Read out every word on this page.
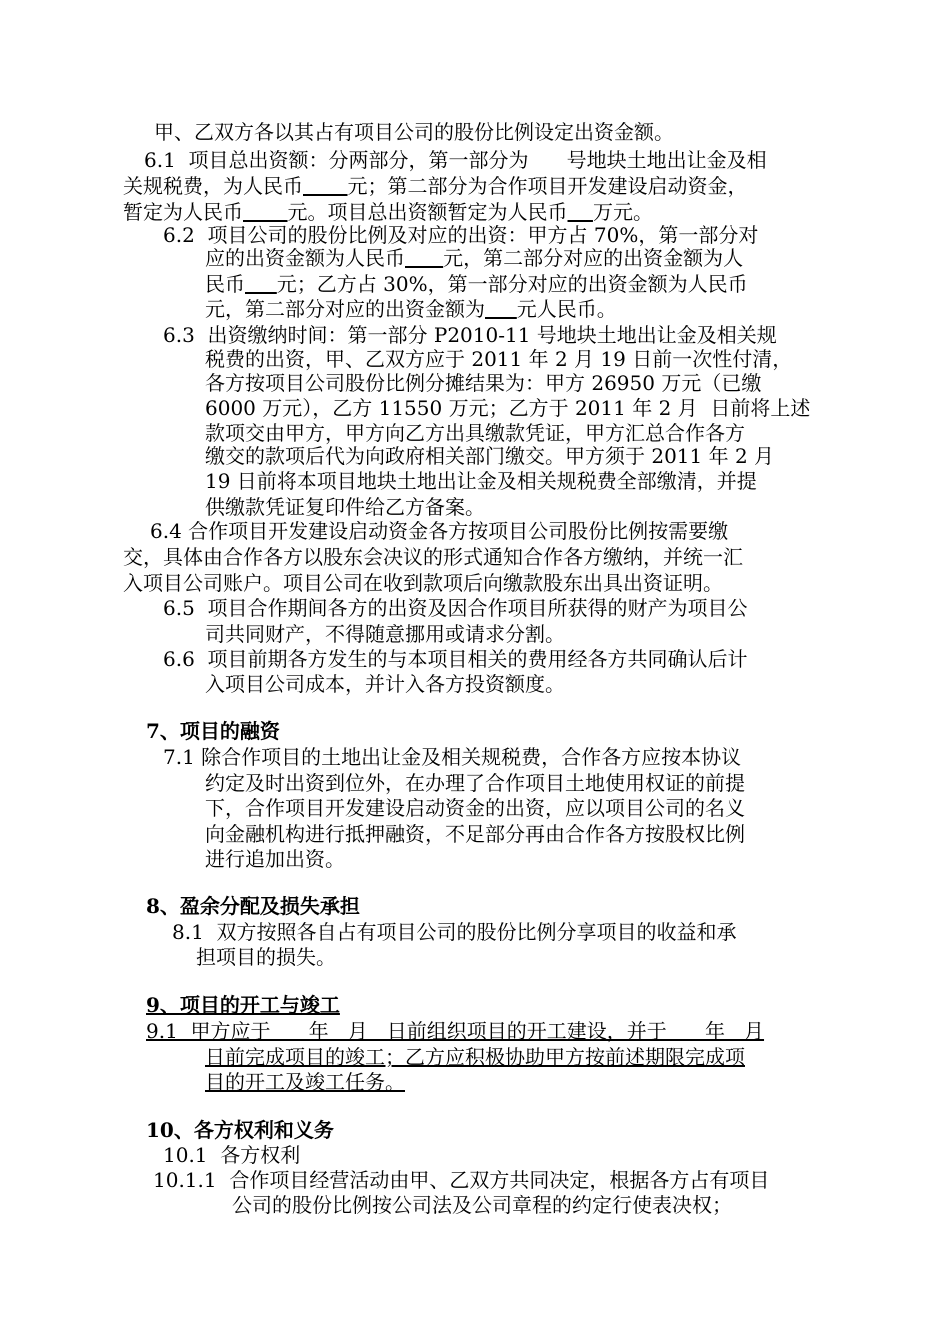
甲、乙双方各以其占有项目公司的股份比例设定出资金额。
6.1  项目总出资额：分两部分，第一部分为      号地块土地出让金及相
关规税费，为人民币 元；第二部分为合作项目开发建设启动资金，
暂定为人民币 元。项目总出资额暂定为人民币 万元。
6.2  项目公司的股份比例及对应的出资：甲方占 70%，第一部分对
应的出资金额为人民币 元，第二部分对应的出资金额为人
民币 元；乙方占 30%，第一部分对应的出资金额为人民币
元，第二部分对应的出资金额为 元人民币。
6.3  出资缴纳时间：第一部分 P2010-11 号地块土地出让金及相关规
税费的出资，甲、乙双方应于 2011 年 2 月 19 日前一次性付清，
各方按项目公司股份比例分摊结果为：甲方 26950 万元（已缴
6000 万元），乙方 11550 万元；乙方于 2011 年 2 月  日前将上述
款项交由甲方，甲方向乙方出具缴款凭证，甲方汇总合作各方
缴交的款项后代为向政府相关部门缴交。甲方须于 2011 年 2 月
19 日前将本项目地块土地出让金及相关规税费全部缴清，并提
供缴款凭证复印件给乙方备案。
6.4 合作项目开发建设启动资金各方按项目公司股份比例按需要缴
交，具体由合作各方以股东会决议的形式通知合作各方缴纳，并统一汇
入项目公司账户。项目公司在收到款项后向缴款股东出具出资证明。
6.5  项目合作期间各方的出资及因合作项目所获得的财产为项目公
司共同财产，不得随意挪用或请求分割。
6.6  项目前期各方发生的与本项目相关的费用经各方共同确认后计
入项目公司成本，并计入各方投资额度。
7、项目的融资
7.1 除合作项目的土地出让金及相关规税费，合作各方应按本协议
约定及时出资到位外，在办理了合作项目土地使用权证的前提
下，合作项目开发建设启动资金的出资，应以项目公司的名义
向金融机构进行抵押融资，不足部分再由合作各方按股权比例
进行追加出资。
8、盈余分配及损失承担
8.1  双方按照各自占有项目公司的股份比例分享项目的收益和承
担项目的损失。
9、项目的开工与竣工
9.1  甲方应于      年   月   日前组织项目的开工建设，并于      年   月
日前完成项目的竣工；乙方应积极协助甲方按前述期限完成项
目的开工及竣工任务。
10、各方权利和义务
10.1  各方权利
10.1.1  合作项目经营活动由甲、乙双方共同决定，根据各方占有项目
公司的股份比例按公司法及公司章程的约定行使表决权；
